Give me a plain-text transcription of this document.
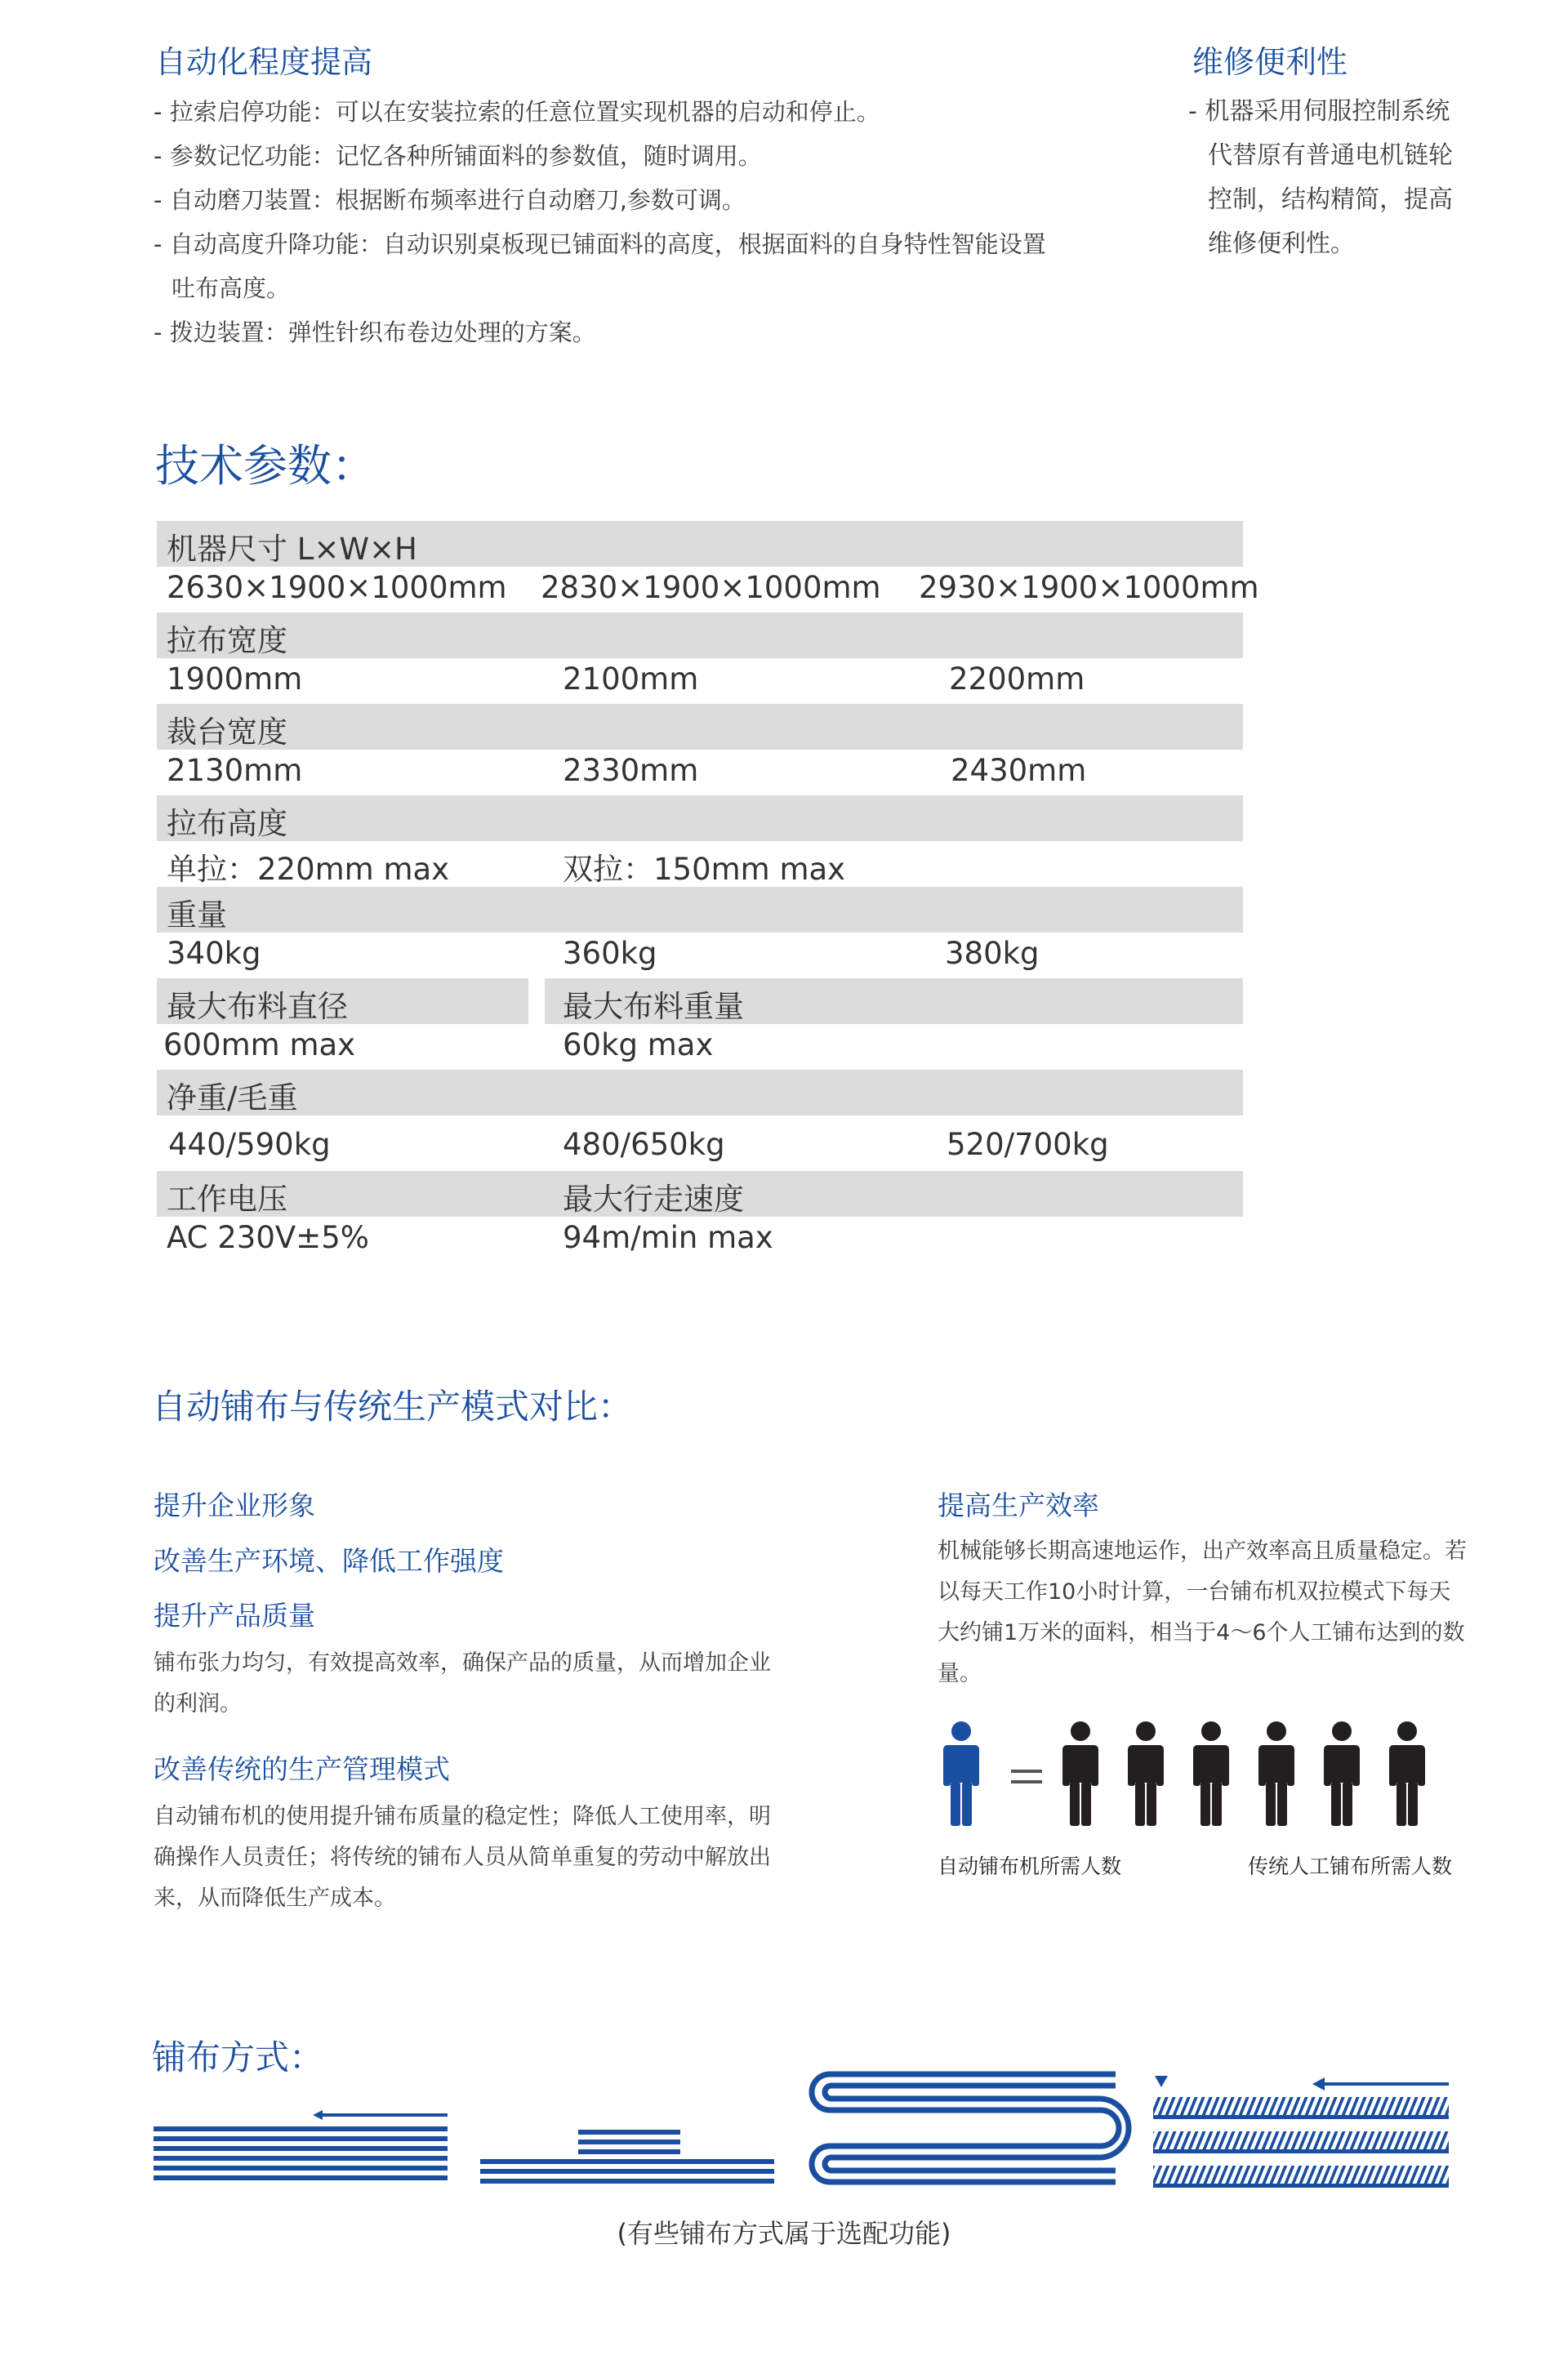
自动化程度提高
- 拉索启停功能：可以在安装拉索的任意位置实现机器的启动和停止。
- 参数记忆功能：记忆各种所铺面料的参数值，随时调用。
- 自动磨刀装置：根据断布频率进行自动磨刀,参数可调。
- 自动高度升降功能：自动识别桌板现已铺面料的高度，根据面料的自身特性智能设置吐布高度。
- 拨边装置：弹性针织布卷边处理的方案。
维修便利性
- 机器采用伺服控制系统代替原有普通电机链轮控制，结构精简，提高维修便利性。
技术参数：
机器尺寸 L×W×H
2630×1900×1000mm 2830×1900×1000mm 2930×1900×1000mm
拉布宽度
1900mm	2100mm	2200mm
裁台宽度
2130mm	2330mm	2430mm
拉布高度
单拉：220mm max	双拉：150mm max
重量
340kg	360kg	380kg
最大布料直径	最大布料重量
600mm max	60kg max
净重/毛重
440/590kg	480/650kg	520/700kg
工作电压	最大行走速度
AC 230V±5%	94m/min max
自动铺布与传统生产模式对比：
提升企业形象
改善生产环境、降低工作强度
提升产品质量
铺布张力均匀，有效提高效率，确保产品的质量，从而增加企业的利润。
改善传统的生产管理模式
自动铺布机的使用提升铺布质量的稳定性；降低人工使用率，明确操作人员责任；将传统的铺布人员从简单重复的劳动中解放出来，从而降低生产成本。
提高生产效率
机械能够长期高速地运作，出产效率高且质量稳定。若以每天工作10小时计算，一台铺布机双拉模式下每天大约铺1万米的面料，相当于4～6个人工铺布达到的数量。
自动铺布机所需人数	传统人工铺布所需人数
铺布方式：
(有些铺布方式属于选配功能)
